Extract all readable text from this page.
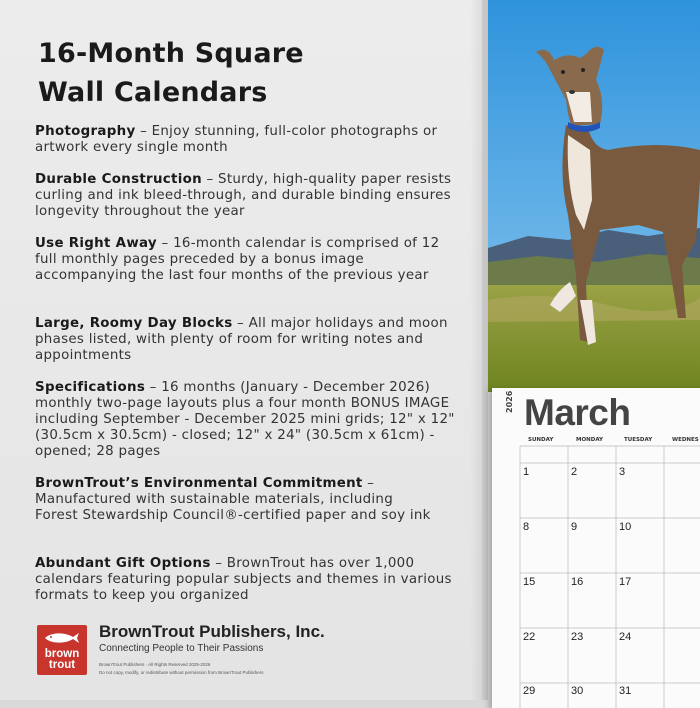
16-Month Square
Wall Calendars
Photography – Enjoy stunning, full-color photographs or artwork every single month
Durable Construction – Sturdy, high-quality paper resists curling and ink bleed-through, and durable binding ensures longevity throughout the year
Use Right Away – 16-month calendar is comprised of 12 full monthly pages preceded by a bonus image accompanying the last four months of the previous year
Large, Roomy Day Blocks – All major holidays and moon phases listed, with plenty of room for writing notes and appointments
Specifications – 16 months (January - December 2026) monthly two-page layouts plus a four month BONUS IMAGE including September - December 2025 mini grids; 12" x 12" (30.5cm x 30.5cm) - closed; 12" x 24" (30.5cm x 61cm) - opened; 28 pages
BrownTrout’s Environmental Commitment – Manufactured with sustainable materials, including Forest Stewardship Council®-certified paper and soy ink
Abundant Gift Options – BrownTrout has over 1,000 calendars featuring popular subjects and themes in various formats to keep you organized
brown
trout
BrownTrout Publishers, Inc.
Connecting People to Their Passions
BrownTrout Publishers · All Rights Reserved 2025-2026
Do not copy, modify, or redistribute without permission from BrownTrout Publishers
2026 March
SUNDAY	MONDAY	TUESDAY	WEDNES
1	2	3
8	9	10
15	16	17
22	23	24
29	30	31
